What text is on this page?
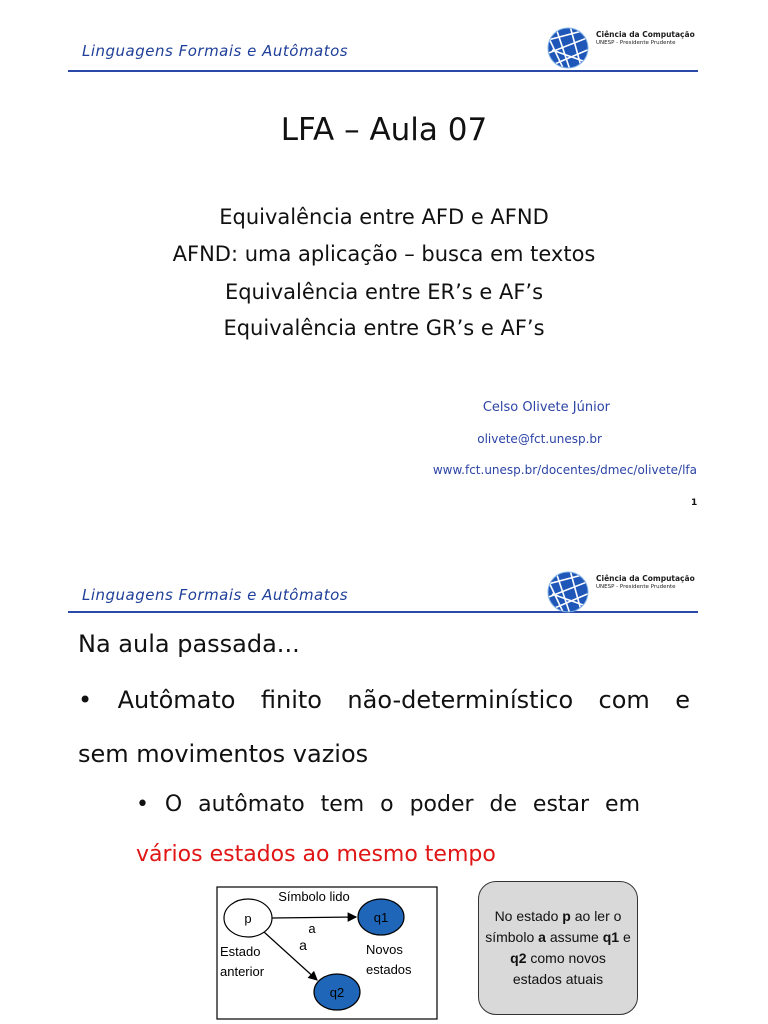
Linguagens Formais e Autômatos
Ciência da Computação
UNESP - Presidente Prudente
LFA – Aula 07
Equivalência entre AFD e AFND
AFND: uma aplicação – busca em textos
Equivalência entre ER’s e AF’s
Equivalência entre GR’s e AF’s
Celso Olivete Júnior
olivete@fct.unesp.br
www.fct.unesp.br/docentes/dmec/olivete/lfa
1
Linguagens Formais e Autômatos
Ciência da Computação
UNESP - Presidente Prudente
Na aula passada...
• Autômato finito não-determinístico com e
sem movimentos vazios
• O autômato tem o poder de estar em
vários estados ao mesmo tempo
p	q1
q2
Símbolo lido
a
a
Estado
anterior
Novos
estados
No estado p ao ler o símbolo a assume q1 e q2 como novos estados atuais
